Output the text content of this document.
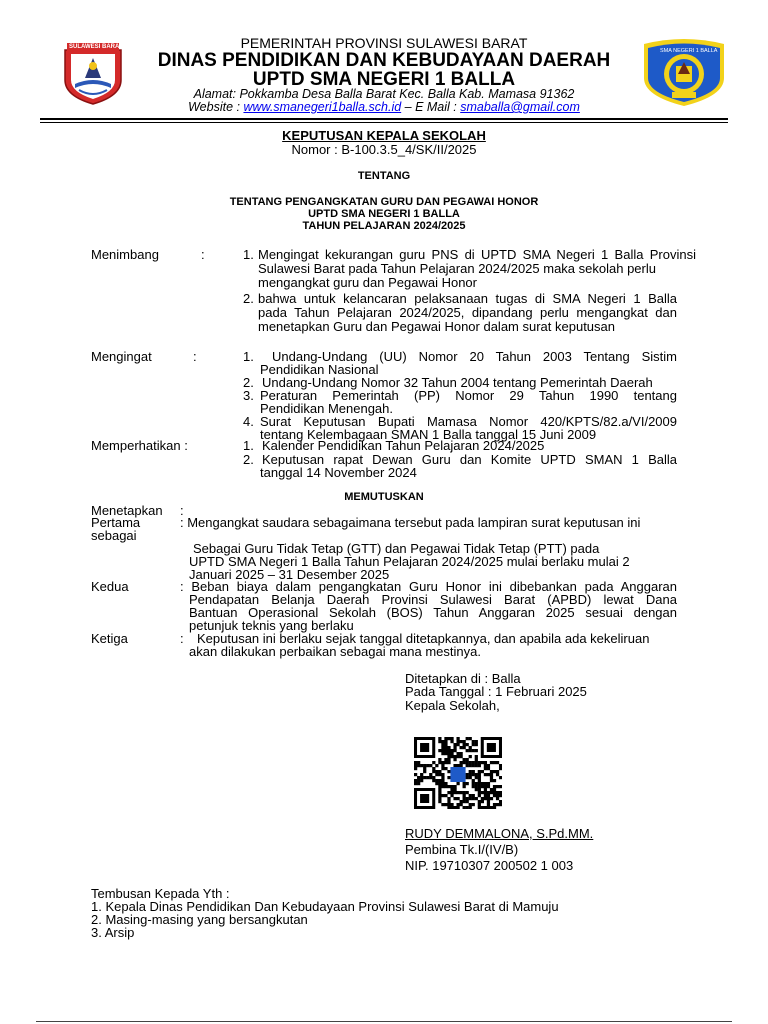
SULAWESI BARAT
SMA NEGERI 1 BALLA
PEMERINTAH PROVINSI SULAWESI BARAT
DINAS PENDIDIKAN DAN KEBUDAYAAN DAERAH
UPTD SMA NEGERI 1 BALLA
Alamat: Pokkamba Desa Balla Barat Kec. Balla Kab. Mamasa 91362
Website : www.smanegeri1balla.sch.id – E Mail : smaballa@gmail.com
KEPUTUSAN KEPALA SEKOLAH
Nomor : B-100.3.5_4/SK/II/2025
TENTANG
TENTANG PENGANGKATAN GURU DAN PEGAWAI HONOR
UPTD SMA NEGERI 1 BALLA
TAHUN PELAJARAN 2024/2025
Menimbang	:	1. Mengingat kekurangan guru PNS di UPTD SMA Negeri 1 Balla Provinsi
Sulawesi Barat pada Tahun Pelajaran 2024/2025 maka sekolah perlu
mengangkat guru dan Pegawai Honor
2. bahwa untuk kelancaran pelaksanaan tugas di SMA Negeri 1 Balla
pada Tahun Pelajaran 2024/2025, dipandang perlu mengangkat dan
menetapkan Guru dan Pegawai Honor dalam surat keputusan
Mengingat	:	1. Undang-Undang (UU) Nomor 20 Tahun 2003 Tentang Sistim
Pendidikan Nasional
2. Undang-Undang Nomor 32 Tahun 2004 tentang Pemerintah Daerah
3. Peraturan Pemerintah (PP) Nomor 29 Tahun 1990 tentang
Pendidikan Menengah.
4. Surat Keputusan Bupati Mamasa Nomor 420/KPTS/82.a/VI/2009
tentang Kelembagaan SMAN 1 Balla tanggal 15 Juni 2009
Memperhatikan :	1. Kalender Pendidikan Tahun Pelajaran 2024/2025
2. Keputusan rapat Dewan Guru dan Komite UPTD SMAN 1 Balla
tanggal 14 November 2024
MEMUTUSKAN
Menetapkan :
Pertama	: Mengangkat saudara sebagaimana tersebut pada lampiran surat keputusan ini
sebagai
Sebagai Guru Tidak Tetap (GTT) dan Pegawai Tidak Tetap (PTT) pada
UPTD SMA Negeri 1 Balla Tahun Pelajaran 2024/2025 mulai berlaku mulai 2
Januari 2025 – 31 Desember 2025
Kedua	: Beban biaya dalam pengangkatan Guru Honor ini dibebankan pada Anggaran
Pendapatan Belanja Daerah Provinsi Sulawesi Barat (APBD) lewat Dana
Bantuan Operasional Sekolah (BOS) Tahun Anggaran 2025 sesuai dengan
petunjuk teknis yang berlaku
Ketiga	: Keputusan ini berlaku sejak tanggal ditetapkannya, dan apabila ada kekeliruan
akan dilakukan perbaikan sebagai mana mestinya.
Ditetapkan di : Balla
Pada Tanggal : 1 Februari 2025
Kepala Sekolah,
RUDY DEMMALONA, S.Pd.MM.
Pembina Tk.I/(IV/B)
NIP. 19710307 200502 1 003
Tembusan Kepada Yth :
1. Kepala Dinas Pendidikan Dan Kebudayaan Provinsi Sulawesi Barat di Mamuju
2. Masing-masing yang bersangkutan
3. Arsip
